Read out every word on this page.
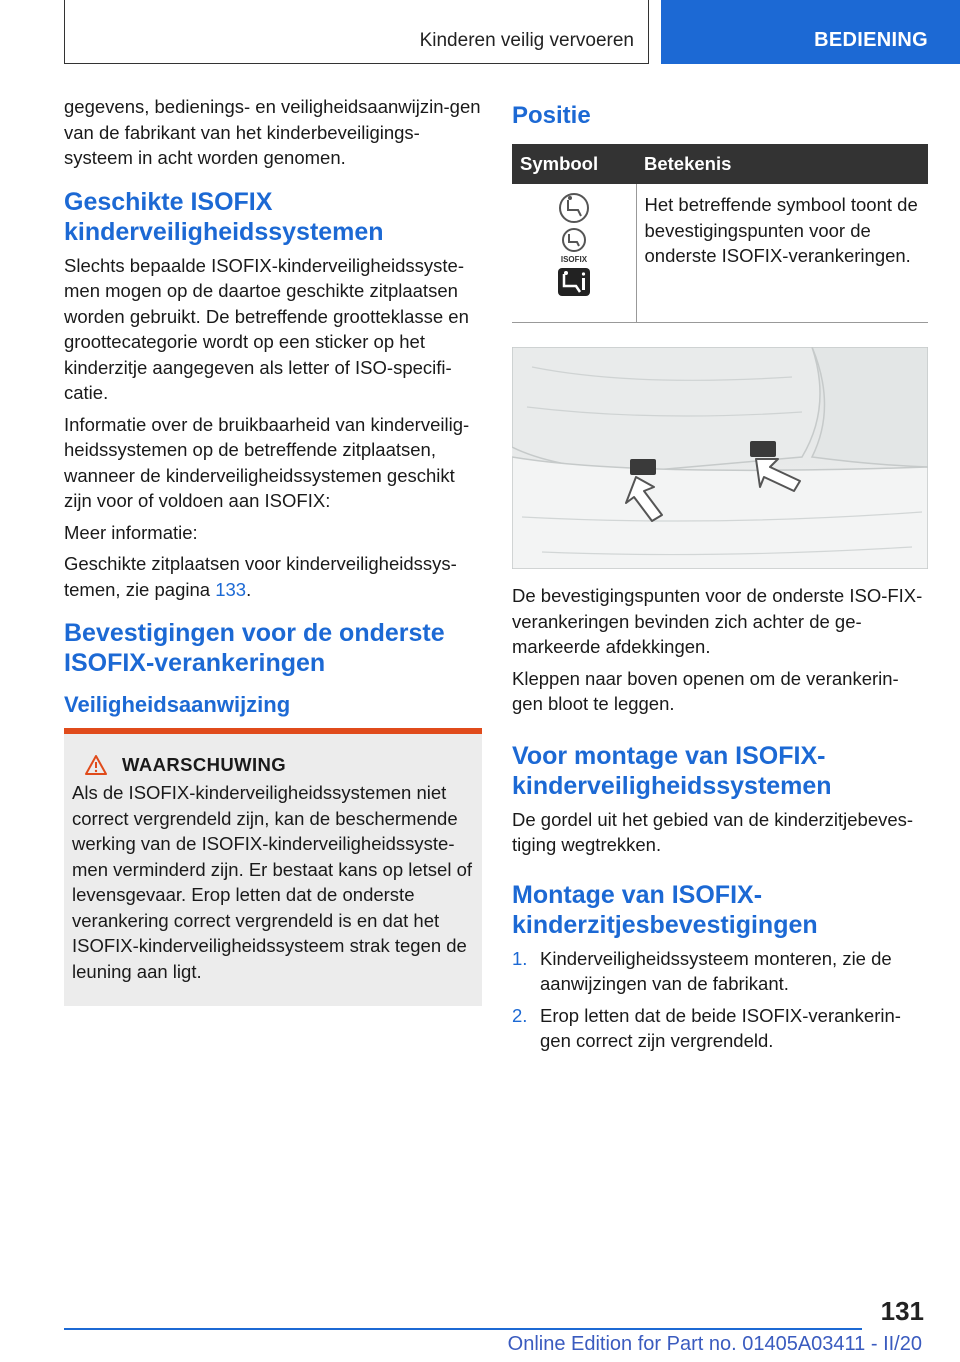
Kinderen veilig vervoeren	BEDIENING

gegevens, bedienings- en veiligheidsaanwijzin-gen van de fabrikant van het kinderbeveiligings-systeem in acht worden genomen.

Geschikte ISOFIX kinderveiligheidssystemen

Slechts bepaalde ISOFIX-kinderveiligheidssyste-men mogen op de daartoe geschikte zitplaatsen worden gebruikt. De betreffende grootteklasse en groottecategorie wordt op een sticker op het kinderzitje aangegeven als letter of ISO-specifi-catie.

Informatie over de bruikbaarheid van kinderveilig-heidssystemen op de betreffende zitplaatsen, wanneer de kinderveiligheidssystemen geschikt zijn voor of voldoen aan ISOFIX:

Meer informatie:

Geschikte zitplaatsen voor kinderveiligheidssys-temen, zie pagina 133.

Bevestigingen voor de onderste ISOFIX-verankeringen
Veiligheidsaanwijzing
WAARSCHUWING

Als de ISOFIX-kinderveiligheidssystemen niet correct vergrendeld zijn, kan de beschermende werking van de ISOFIX-kinderveiligheidssyste-men verminderd zijn. Er bestaat kans op letsel of levensgevaar. Erop letten dat de onderste verankering correct vergrendeld is en dat het ISOFIX-kinderveiligheidssysteem strak tegen de leuning aan ligt.

Positie
Symbool	Betekenis

ISOFIX	Het betreffende symbool toont de bevestigingspunten voor de onderste ISOFIX-verankeringen.

De bevestigingspunten voor de onderste ISO-FIX-verankeringen bevinden zich achter de ge-markeerde afdekkingen.

Kleppen naar boven openen om de verankerin-gen bloot te leggen.

Voor montage van ISOFIX-kinderveiligheidssystemen

De gordel uit het gebied van de kinderzitjebeves-tiging wegtrekken.

Montage van ISOFIX-kinderzitjesbevestigingen
1. Kinderveiligheidssysteem monteren, zie de aanwijzingen van de fabrikant.
2. Erop letten dat de beide ISOFIX-verankerin-gen correct zijn vergrendeld.
131
Online Edition for Part no. 01405A03411 - II/20
